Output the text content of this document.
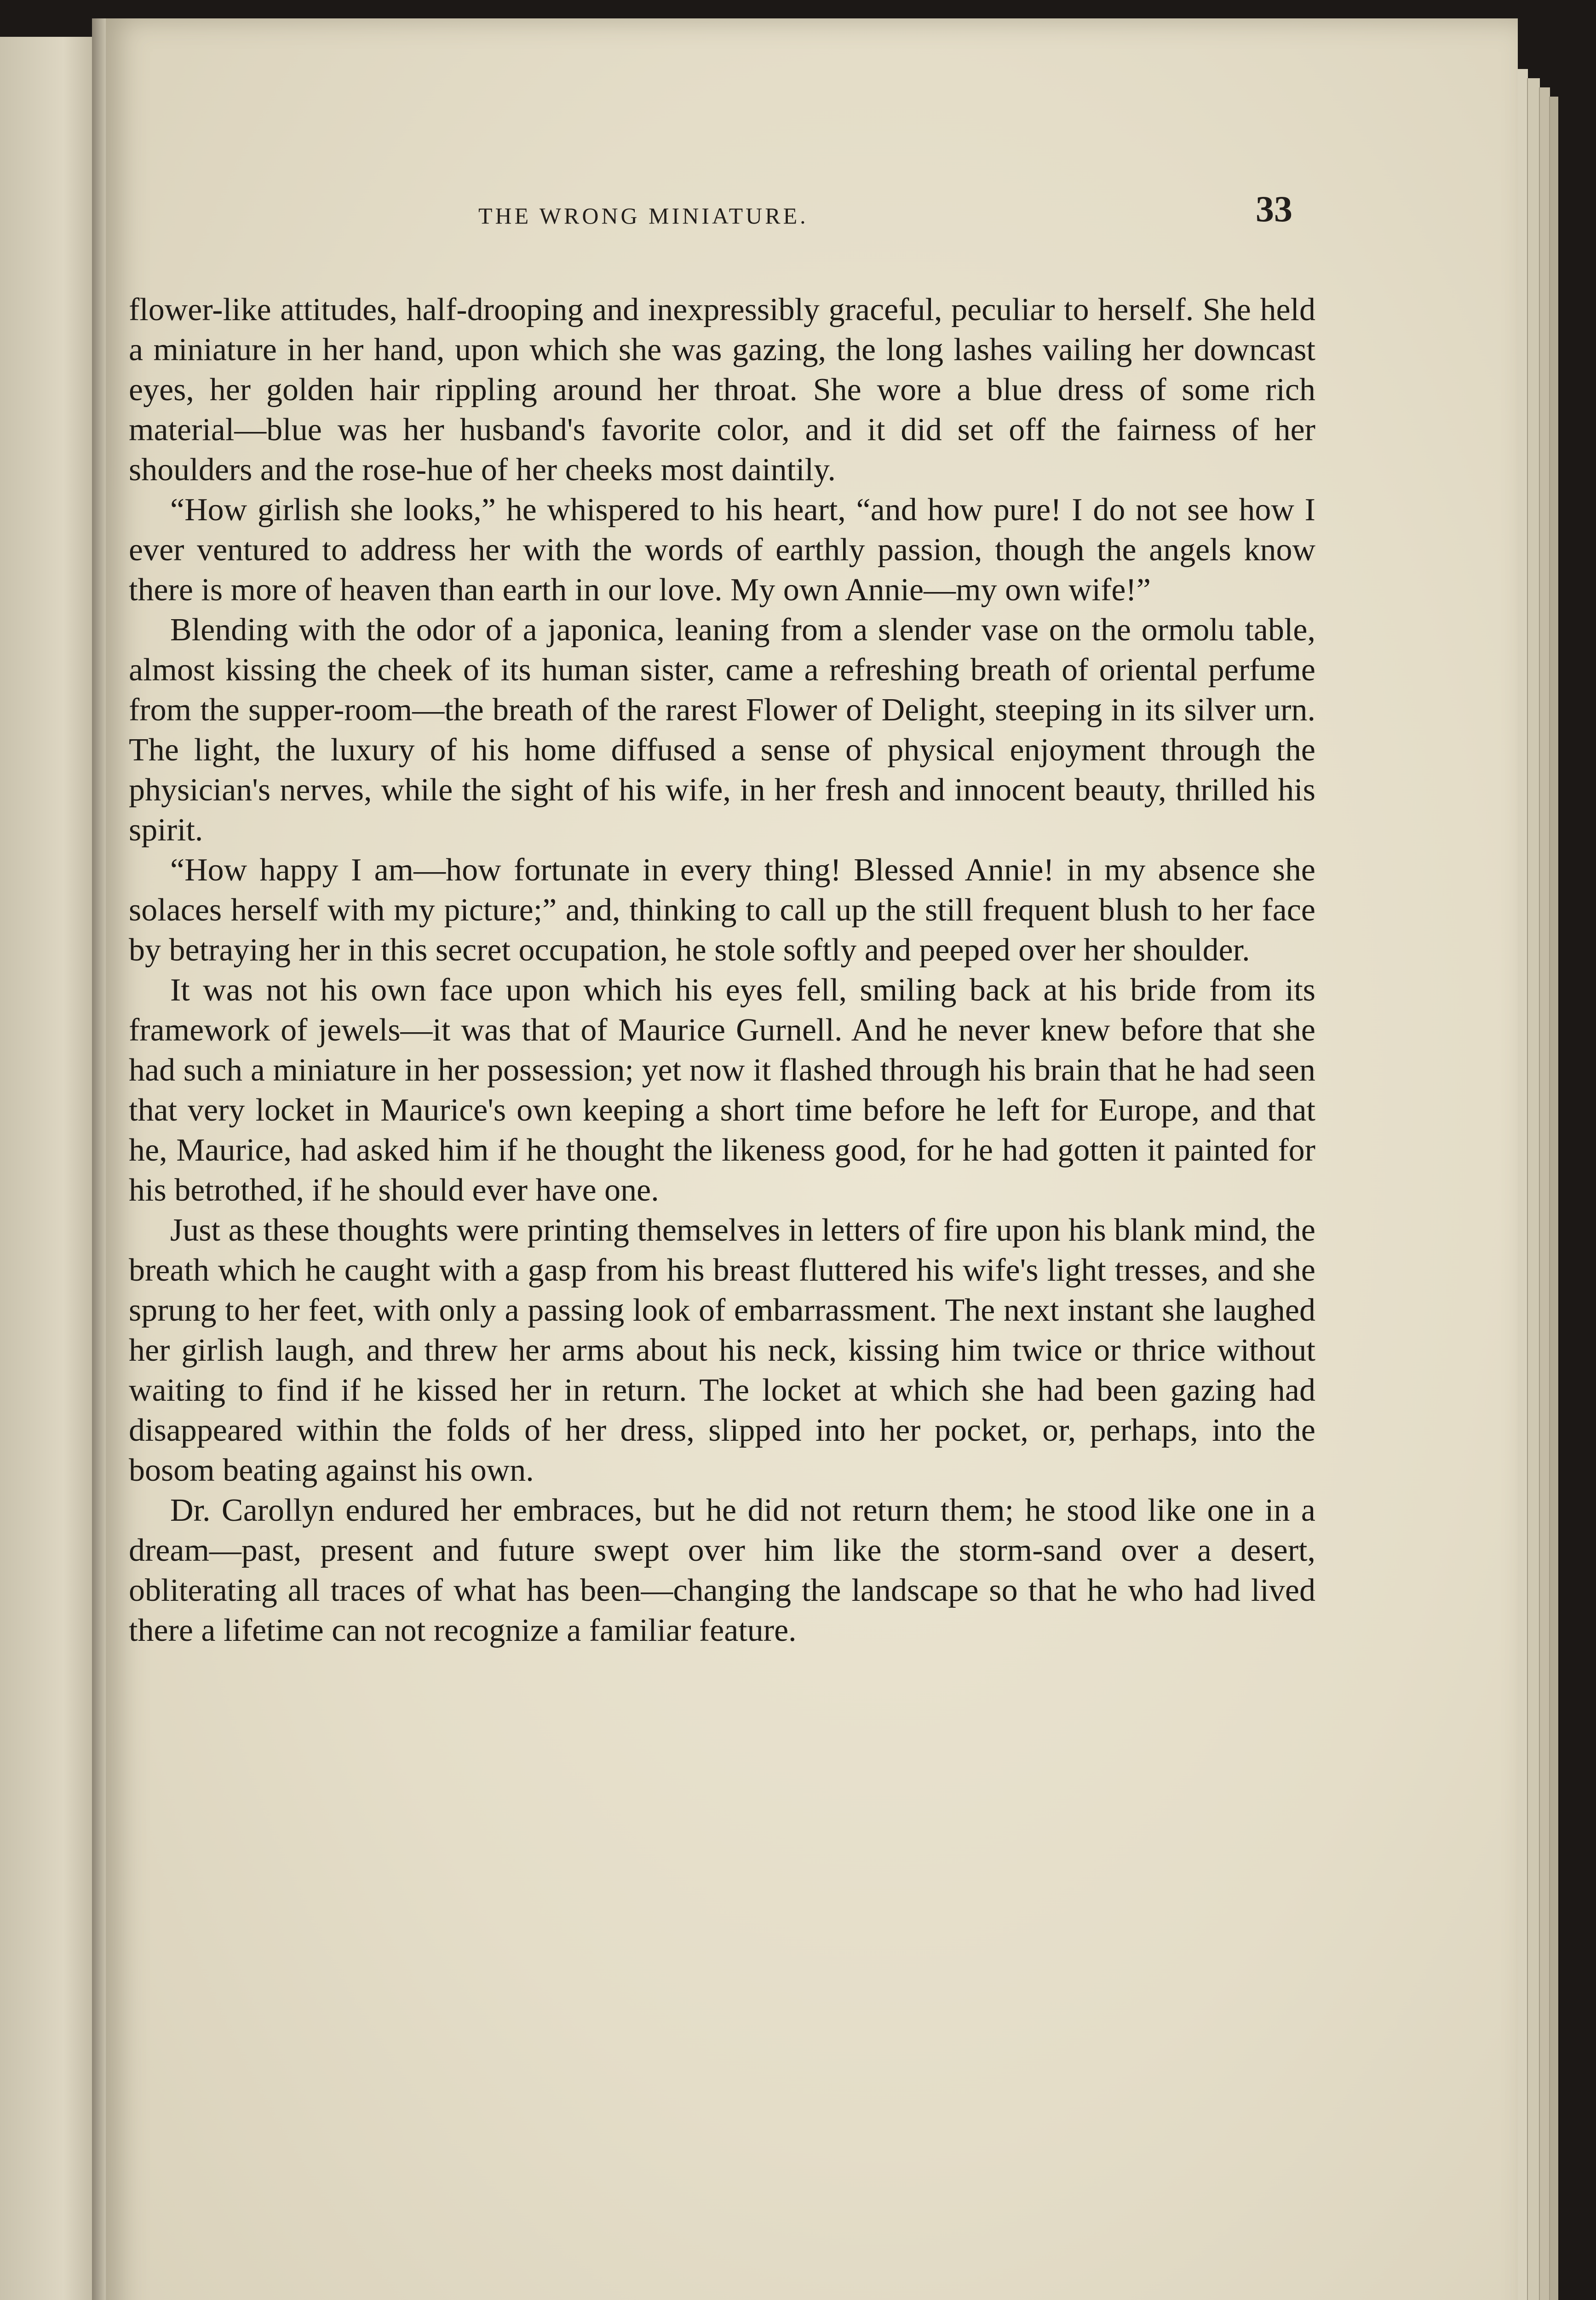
THE WRONG MINIATURE.	33

flower-like attitudes, half-drooping and inexpressibly graceful, peculiar to herself. She held a miniature in her hand, upon which she was gazing, the long lashes vailing her downcast eyes, her golden hair rippling around her throat. She wore a blue dress of some rich material—blue was her husband's favorite color, and it did set off the fairness of her shoulders and the rose-hue of her cheeks most daintily.

“How girlish she looks,” he whispered to his heart, “and how pure! I do not see how I ever ventured to address her with the words of earthly passion, though the angels know there is more of heaven than earth in our love. My own Annie—my own wife!”

Blending with the odor of a japonica, leaning from a slender vase on the ormolu table, almost kissing the cheek of its human sister, came a refreshing breath of oriental perfume from the supper-room—the breath of the rarest Flower of Delight, steeping in its silver urn. The light, the luxury of his home diffused a sense of physical enjoyment through the physician's nerves, while the sight of his wife, in her fresh and innocent beauty, thrilled his spirit.

“How happy I am—how fortunate in every thing! Blessed Annie! in my absence she solaces herself with my picture;” and, thinking to call up the still frequent blush to her face by betraying her in this secret occupation, he stole softly and peeped over her shoulder.

It was not his own face upon which his eyes fell, smiling back at his bride from its framework of jewels—it was that of Maurice Gurnell. And he never knew before that she had such a miniature in her possession; yet now it flashed through his brain that he had seen that very locket in Maurice's own keeping a short time before he left for Europe, and that he, Maurice, had asked him if he thought the likeness good, for he had gotten it painted for his betrothed, if he should ever have one.

Just as these thoughts were printing themselves in letters of fire upon his blank mind, the breath which he caught with a gasp from his breast fluttered his wife's light tresses, and she sprung to her feet, with only a passing look of embarrassment. The next instant she laughed her girlish laugh, and threw her arms about his neck, kissing him twice or thrice without waiting to find if he kissed her in return. The locket at which she had been gazing had disappeared within the folds of her dress, slipped into her pocket, or, perhaps, into the bosom beating against his own.

Dr. Carollyn endured her embraces, but he did not return them; he stood like one in a dream—past, present and future swept over him like the storm-sand over a desert, obliterating all traces of what has been—changing the landscape so that he who had lived there a lifetime can not recognize a familiar feature.
